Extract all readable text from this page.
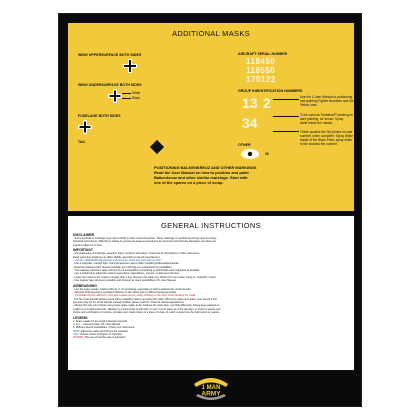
ADDITIONAL MASKS
WING UPPERSURFACE BOTH SIDES
WING UNDERSURFACE BOTH SIDES
White
Black
FUSELAGE BOTH SIDES
TAIL
POSITIONING BALKENKREUZ AND OTHER MARKINGS
Read the User Manual on how to position and paint
Balkenkreuz and other similar markings. Start with
one of the spares on a piece of scrap.
AIRCRAFT SERIAL NUMBER
118450
118550
170122
GROUP INDENTIFICATION NUMBERS
13 2
34
Use the 1 User Manual to positioning
and painting Fighter Numbers and the
Yellow ones.
To be used as Tentative/P marking on
dark painting. Air sense: Spray
white inside the masks.
These positive the 3rd period on side
number, when complete: Spray White
inside of the Black Paint, spray white
to the shadow the number.
OTHER
26
GENERAL INSTRUCTIONS
DISCLAIMER
- Some symbols or markings may refer to NAZI or other extremist parties. These markings or symbols are being used for purely
historical correctness. 1ManArmy wishes to express its deepest resentment for extremist and inhuman ideologies and does not
intend to offend or to hurt.
IMPORTANT
- For positioning of markings, squadron signs, numbers and letters, check the kit instructions or other references.
Exact panel line positions can differ slightly, according to the kit manufacturer.
- Visit the 1MANARMY.BE website and check the latest tips and tricks on TAG.
- Use a magnifier, enough light, round tip tweezers and a sharp modelling knife/scalpel/needle.
- Read the attached User Manual carefully, as it will help you understand its possibilities.
- The masking material is quite soft and is not susceptible to stretching or deformation and maintains its flexibility.
- Use a toothpick to adjust the mask to panel lines, indentations, corners, rounds and crannies.
- Leave the mask on the model no longer than 1 day. Remove the mask very slowly from the model, using an "unluckily" corner.
- Use transfer tape whenever possible and discover its many possibilities. Ch. User Manual.
AIRBRUSHING
- Use the spare masks, marked with an 's', for practising, especially on how to airbrush the small stencils.
- Airbrush while keeping a consistent distance to the object and try different spraying angles.
- 1 GOLDEN RULE: Airbrush in thin and multiple layers, slowly building up the color. Avoid flooding the mask.
- For the small stencils always check with a magnifier, before removing the mask. When the mask turns black, your stencil is OK
(we dont pray for the small stencils instead of black, please read the 'colour & natural appearance).
- Always first test your colours using some spare mask, as for instance the same blue, can look differently, having been painted on
a light or on a dark undercoat. 1ManArmy recommends to airbrush "on top" of your paint, as in the old days. In order to assess your
choice and combination of colours, simulate your mask colour on a piece of scrap, in order to determine the right colour or nuance.
LEGEND:
s: Spare masks for the small instruction stencils.
a, b, c...: Layered mask. Cfr. User Manual
1: Different stencil possibilities. Check your references.
TRIM: Adjust the mask according to the situation.
COL: Choose colour of Regime to rephrase
TRANSF: The use of transfer tape is important
1 MAN
ARMY
